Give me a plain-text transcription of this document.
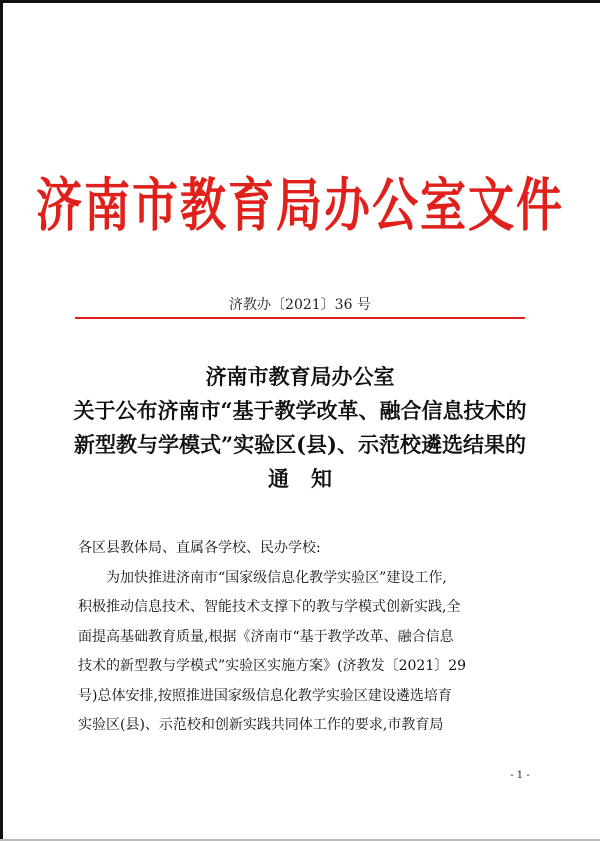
济南市教育局办公室文件
济教办〔2021〕36 号
济南市教育局办公室
关于公布济南市“基于教学改革、融合信息技术的
新型教与学模式”实验区(县)、示范校遴选结果的
通知
各区县教体局、直属各学校、民办学校:
为加快推进济南市“国家级信息化教学实验区”建设工作,
积极推动信息技术、智能技术支撑下的教与学模式创新实践,全
面提高基础教育质量,根据《济南市“基于教学改革、融合信息
技术的新型教与学模式”实验区实施方案》(济教发〔2021〕29
号)总体安排,按照推进国家级信息化教学实验区建设遴选培育
实验区(县)、示范校和创新实践共同体工作的要求,市教育局
- 1 -
